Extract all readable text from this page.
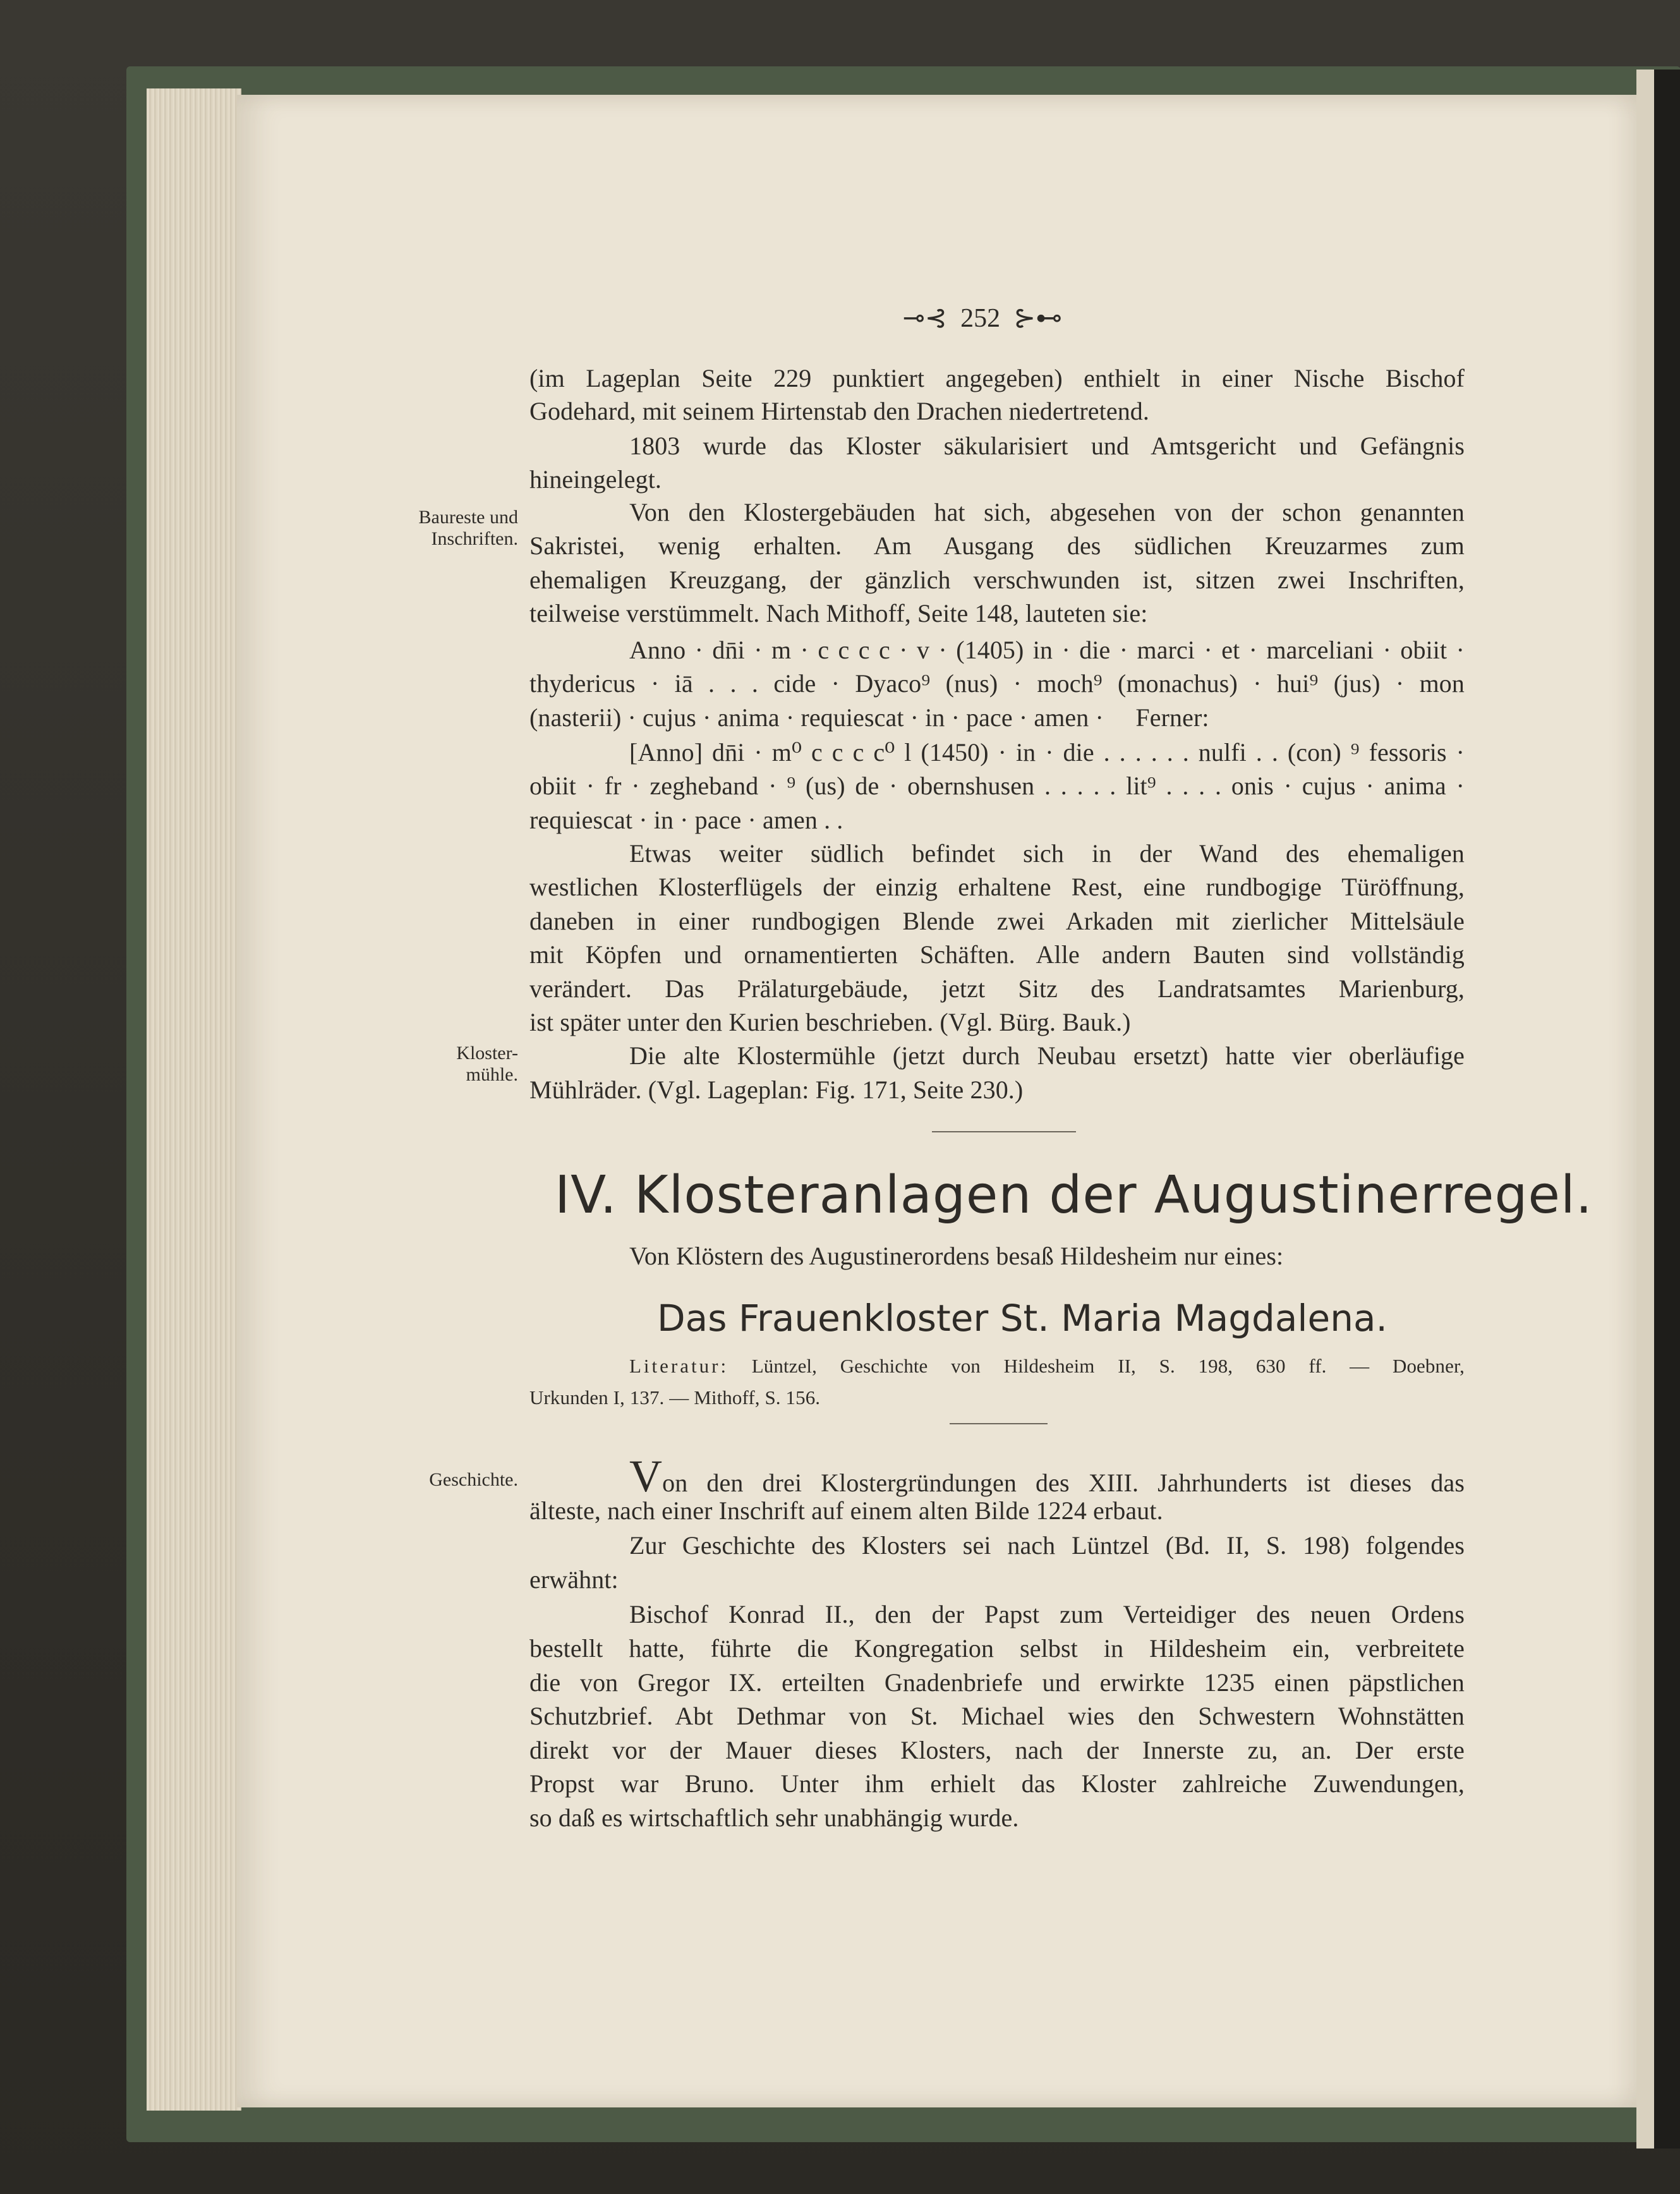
⊸⊰ 252 ⊱⊷
(im Lageplan Seite 229 punktiert angegeben) enthielt in einer Nische Bischof
Godehard, mit seinem Hirtenstab den Drachen niedertretend.
1803 wurde das Kloster säkularisiert und Amtsgericht und Gefängnis
hineingelegt.
Baureste und
Inschriften.
Von den Klostergebäuden hat sich, abgesehen von der schon genannten
Sakristei, wenig erhalten. Am Ausgang des südlichen Kreuzarmes zum
ehemaligen Kreuzgang, der gänzlich verschwunden ist, sitzen zwei Inschriften,
teilweise verstümmelt. Nach Mithoff, Seite 148, lauteten sie:
Anno · dn̄i · m · c c c c · v · (1405) in · die · marci · et · marceliani · obiit ·
thydericus · iā . . . cide · Dyaco⁹ (nus) · moch⁹ (monachus) · hui⁹ (jus) · mon
(nasterii) · cujus · anima · requiescat · in · pace · amen ·     Ferner:
[Anno] dn̄i · m⁰ c c c c⁰ l (1450) · in · die . . . . . . nulfi . . (con) ⁹ fessoris ·
obiit · fr · zegheband · ⁹ (us) de · obernshusen . . . . . lit⁹ . . . . onis · cujus · anima ·
requiescat · in · pace · amen . .
Etwas weiter südlich befindet sich in der Wand des ehemaligen
westlichen Klosterflügels der einzig erhaltene Rest, eine rundbogige Türöffnung,
daneben in einer rundbogigen Blende zwei Arkaden mit zierlicher Mittelsäule
mit Köpfen und ornamentierten Schäften. Alle andern Bauten sind vollständig
verändert. Das Prälaturgebäude, jetzt Sitz des Landratsamtes Marienburg,
ist später unter den Kurien beschrieben. (Vgl. Bürg. Bauk.)
Kloster-
mühle.
Die alte Klostermühle (jetzt durch Neubau ersetzt) hatte vier oberläufige
Mühlräder. (Vgl. Lageplan: Fig. 171, Seite 230.)
IV. Klosteranlagen der Augustinerregel.
Von Klöstern des Augustinerordens besaß Hildesheim nur eines:
Das Frauenkloster St. Maria Magdalena.
Literatur: Lüntzel, Geschichte von Hildesheim II, S. 198, 630 ff. — Doebner,
Urkunden I, 137. — Mithoff, S. 156.
Geschichte. Von den drei Klostergründungen des XIII. Jahrhunderts ist dieses das
älteste, nach einer Inschrift auf einem alten Bilde 1224 erbaut.
Zur Geschichte des Klosters sei nach Lüntzel (Bd. II, S. 198) folgendes
erwähnt:
Bischof Konrad II., den der Papst zum Verteidiger des neuen Ordens
bestellt hatte, führte die Kongregation selbst in Hildesheim ein, verbreitete
die von Gregor IX. erteilten Gnadenbriefe und erwirkte 1235 einen päpstlichen
Schutzbrief. Abt Dethmar von St. Michael wies den Schwestern Wohnstätten
direkt vor der Mauer dieses Klosters, nach der Innerste zu, an. Der erste
Propst war Bruno. Unter ihm erhielt das Kloster zahlreiche Zuwendungen,
so daß es wirtschaftlich sehr unabhängig wurde.
